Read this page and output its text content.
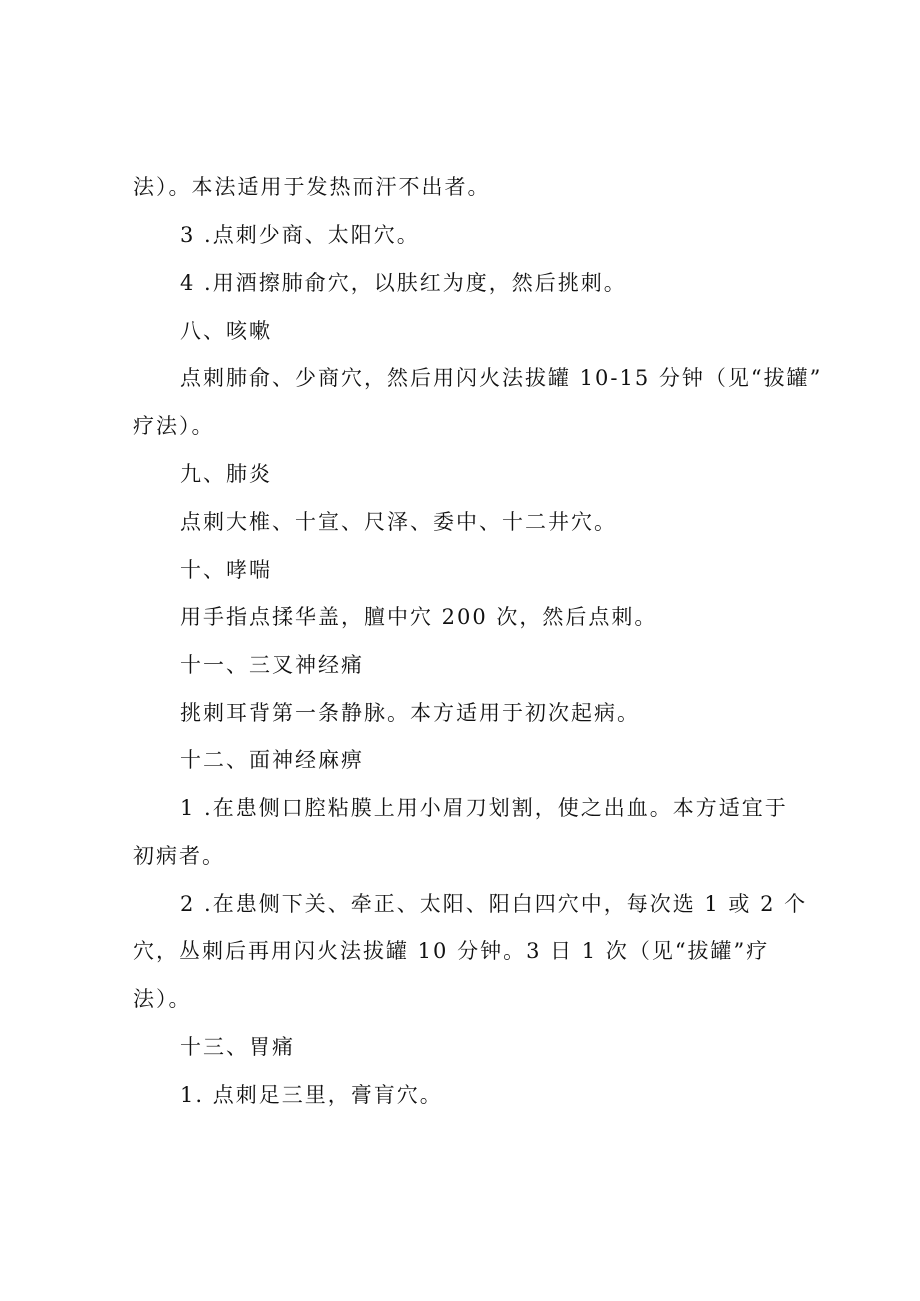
法）。本法适用于发热而汗不出者。

3 .点刺少商、太阳穴。

4 .用酒擦肺俞穴，以肤红为度，然后挑刺。

八、咳嗽

点刺肺俞、少商穴，然后用闪火法拔罐 10-15 分钟（见“拔罐”

疗法）。

九、肺炎

点刺大椎、十宣、尺泽、委中、十二井穴。

十、哮喘

用手指点揉华盖，膻中穴 200 次，然后点刺。

十一、三叉神经痛

挑刺耳背第一条静脉。本方适用于初次起病。

十二、面神经麻痹

1 .在患侧口腔粘膜上用小眉刀划割，使之出血。本方适宜于

初病者。

2 .在患侧下关、牵正、太阳、阳白四穴中，每次选 1 或 2 个

穴，丛刺后再用闪火法拔罐 10 分钟。3 日 1 次（见“拔罐”疗

法）。

十三、胃痛

1. 点刺足三里，膏肓穴。
